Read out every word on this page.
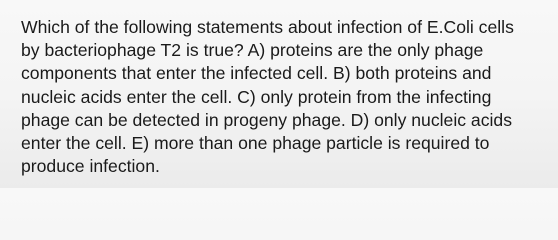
Which of the following statements about infection of E.Coli cells
by bacteriophage T2 is true? A) proteins are the only phage
components that enter the infected cell. B) both proteins and
nucleic acids enter the cell. C) only protein from the infecting
phage can be detected in progeny phage. D) only nucleic acids
enter the cell. E) more than one phage particle is required to
produce infection.
